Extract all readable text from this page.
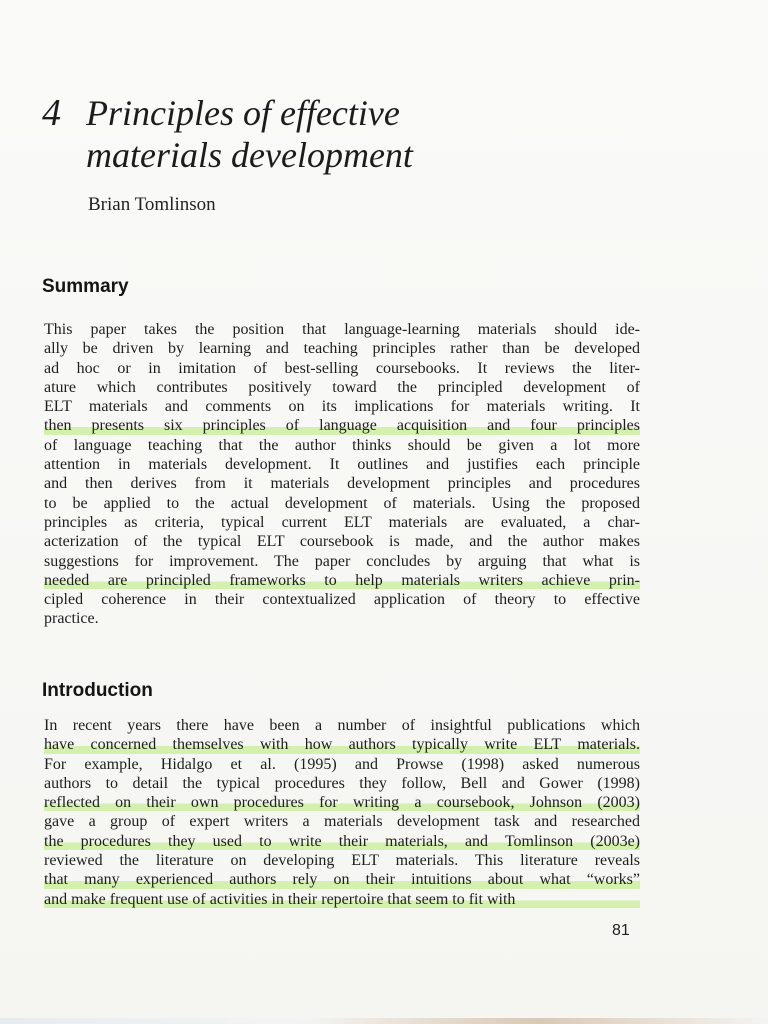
4 Principles of effective
materials development

Brian Tomlinson

Summary

This paper takes the position that language-learning materials should ide-
ally be driven by learning and teaching principles rather than be developed
ad hoc or in imitation of best-selling coursebooks. It reviews the liter-
ature which contributes positively toward the principled development of
ELT materials and comments on its implications for materials writing. It
then presents six principles of language acquisition and four principles
of language teaching that the author thinks should be given a lot more
attention in materials development. It outlines and justifies each principle
and then derives from it materials development principles and procedures
to be applied to the actual development of materials. Using the proposed
principles as criteria, typical current ELT materials are evaluated, a char-
acterization of the typical ELT coursebook is made, and the author makes
suggestions for improvement. The paper concludes by arguing that what is
needed are principled frameworks to help materials writers achieve prin-
cipled coherence in their contextualized application of theory to effective
practice.

Introduction

In recent years there have been a number of insightful publications which
have concerned themselves with how authors typically write ELT materials.
For example, Hidalgo et al. (1995) and Prowse (1998) asked numerous
authors to detail the typical procedures they follow, Bell and Gower (1998)
reflected on their own procedures for writing a coursebook, Johnson (2003)
gave a group of expert writers a materials development task and researched
the procedures they used to write their materials, and Tomlinson (2003e)
reviewed the literature on developing ELT materials. This literature reveals
that many experienced authors rely on their intuitions about what “works”
and make frequent use of activities in their repertoire that seem to fit with

81
